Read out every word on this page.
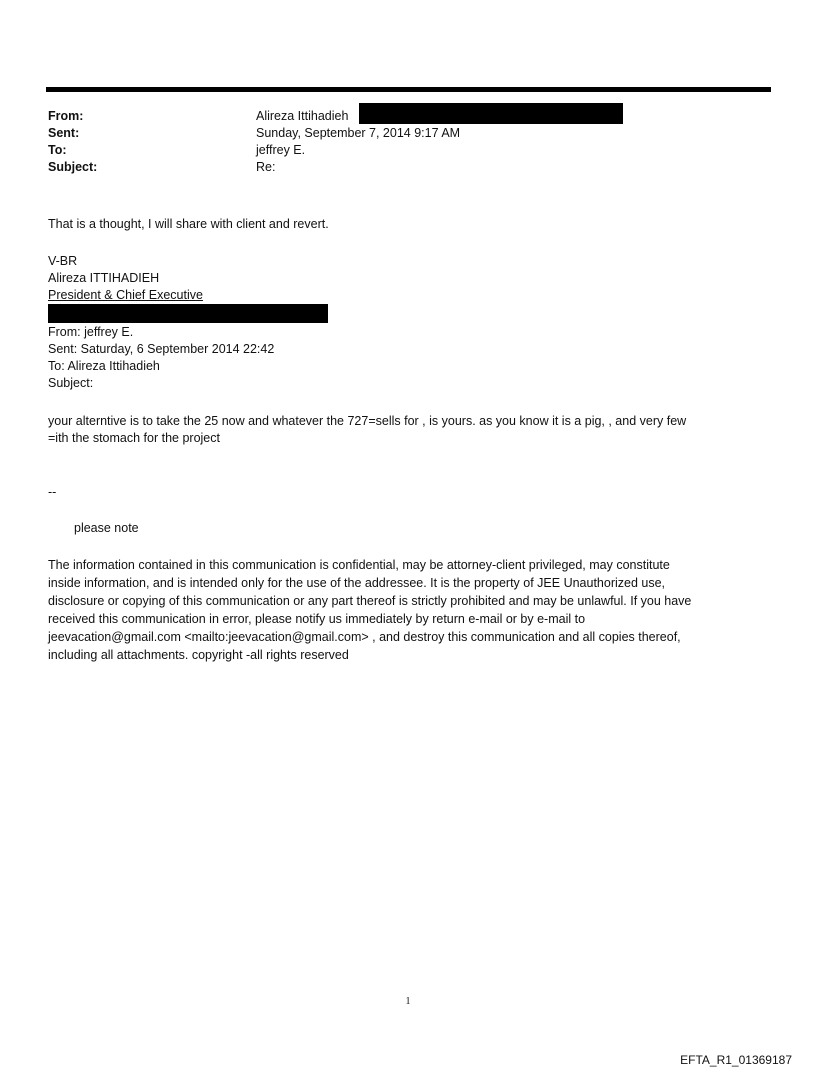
From:	Alireza Ittihadieh
Sent:	Sunday, September 7, 2014 9:17 AM
To:	jeffrey E.
Subject:	Re:
That is a thought, I will share with client and revert.
V-BR
Alireza ITTIHADIEH
President & Chief Executive
From: jeffrey E.
Sent: Saturday, 6 September 2014 22:42
To: Alireza Ittihadieh
Subject:
your alterntive is to take the 25 now and whatever the 727=sells for , is yours. as you know it is a pig, , and very few
=ith the stomach for the project
--
please note
The information contained in this communication is confidential, may be attorney-client privileged, may constitute
inside information, and is intended only for the use of the addressee. It is the property of JEE Unauthorized use,
disclosure or copying of this communication or any part thereof is strictly prohibited and may be unlawful. If you have
received this communication in error, please notify us immediately by return e-mail or by e-mail to
jeevacation@gmail.com <mailto:jeevacation@gmail.com> , and destroy this communication and all copies thereof,
including all attachments. copyright -all rights reserved
1
EFTA_R1_01369187
